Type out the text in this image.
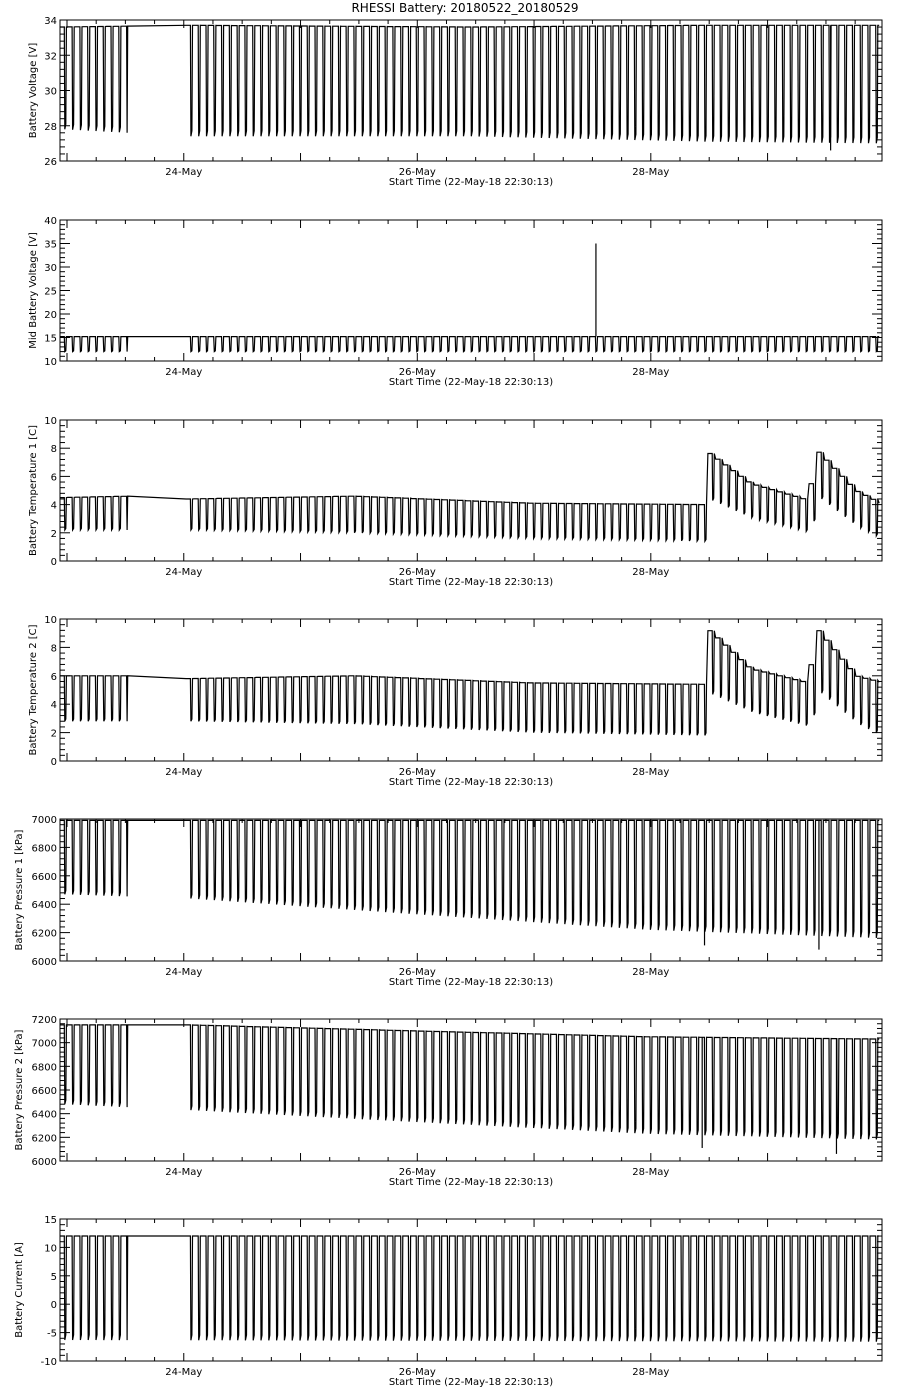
RHESSI Battery: 20180522_20180529
26
28
30
32
34
24-May	26-May	28-May
Start Time (22-May-18 22:30:13)
Battery Voltage [V]
10
15
20
25
30
35
40
24-May	26-May	28-May
Start Time (22-May-18 22:30:13)
Mid Battery Voltage [V]
0
2
4
6
8
10
24-May	26-May	28-May
Start Time (22-May-18 22:30:13)
Battery Temperature 1 [C]
0
2
4
6
8
10
24-May	26-May	28-May
Start Time (22-May-18 22:30:13)
Battery Temperature 2 [C]
6000
6200
6400
6600
6800
7000
24-May	26-May	28-May
Start Time (22-May-18 22:30:13)
Battery Pressure 1 [kPa]
6000
6200
6400
6600
6800
7000
7200
24-May	26-May	28-May
Start Time (22-May-18 22:30:13)
Battery Pressure 2 [kPa]
-10
-5
0
5
10
15
24-May	26-May	28-May
Start Time (22-May-18 22:30:13)
Battery Current [A]
